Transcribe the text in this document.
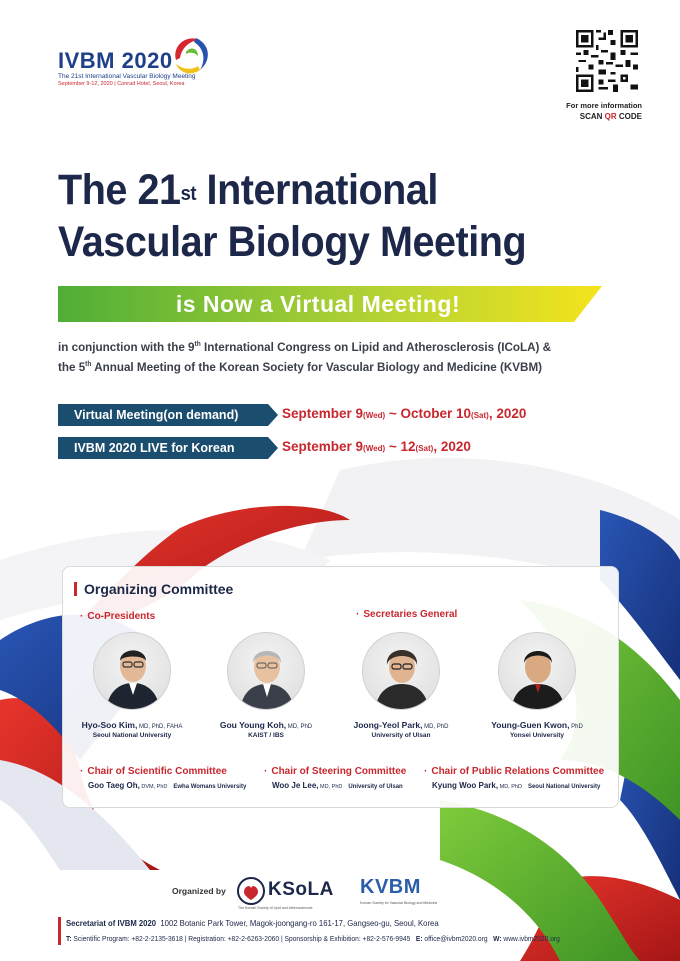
IVBM 2020
The 21st International Vascular Biology Meeting
September 9-12, 2020 | Conrad Hotel, Seoul, Korea
For more information
SCAN QR CODE
The 21st International
Vascular Biology Meeting
is Now a Virtual Meeting!
in conjunction with the 9th International Congress on Lipid and Atherosclerosis (ICoLA) &
the 5th Annual Meeting of the Korean Society for Vascular Biology and Medicine (KVBM)
Virtual Meeting(on demand)	September 9(Wed) ~ October 10(Sat), 2020
IVBM 2020 LIVE for Korean	September 9(Wed) ~ 12(Sat), 2020
Organizing Committee
· Co-Presidents	· Secretaries General
Hyo-Soo Kim, MD, PhD, FAHA
Seoul National University
Gou Young Koh, MD, PhD
KAIST / IBS
Joong-Yeol Park, MD, PhD
University of Ulsan
Young-Guen Kwon, PhD
Yonsei University
· Chair of Scientific Committee
Goo Taeg Oh, DVM, PhD Ewha Womans University
· Chair of Steering Committee
Woo Je Lee, MD, PhD University of Ulsan
· Chair of Public Relations Committee
Kyung Woo Park, MD, PhD Seoul National University
Organized by KSoLA
The Korean Society of Lipid and Atherosclerosis
KVBM
Korean Society for Vascular Biology and Medicine
Secretariat of IVBM 2020 1002 Botanic Park Tower, Magok-joongang-ro 161-17, Gangseo-gu, Seoul, Korea
T: Scientific Program: +82-2-2135-3618 | Registration: +82-2-6263-2060 | Sponsorship & Exhibition: +82-2-576-9945 E: office@ivbm2020.org W: www.ivbm2020.org
